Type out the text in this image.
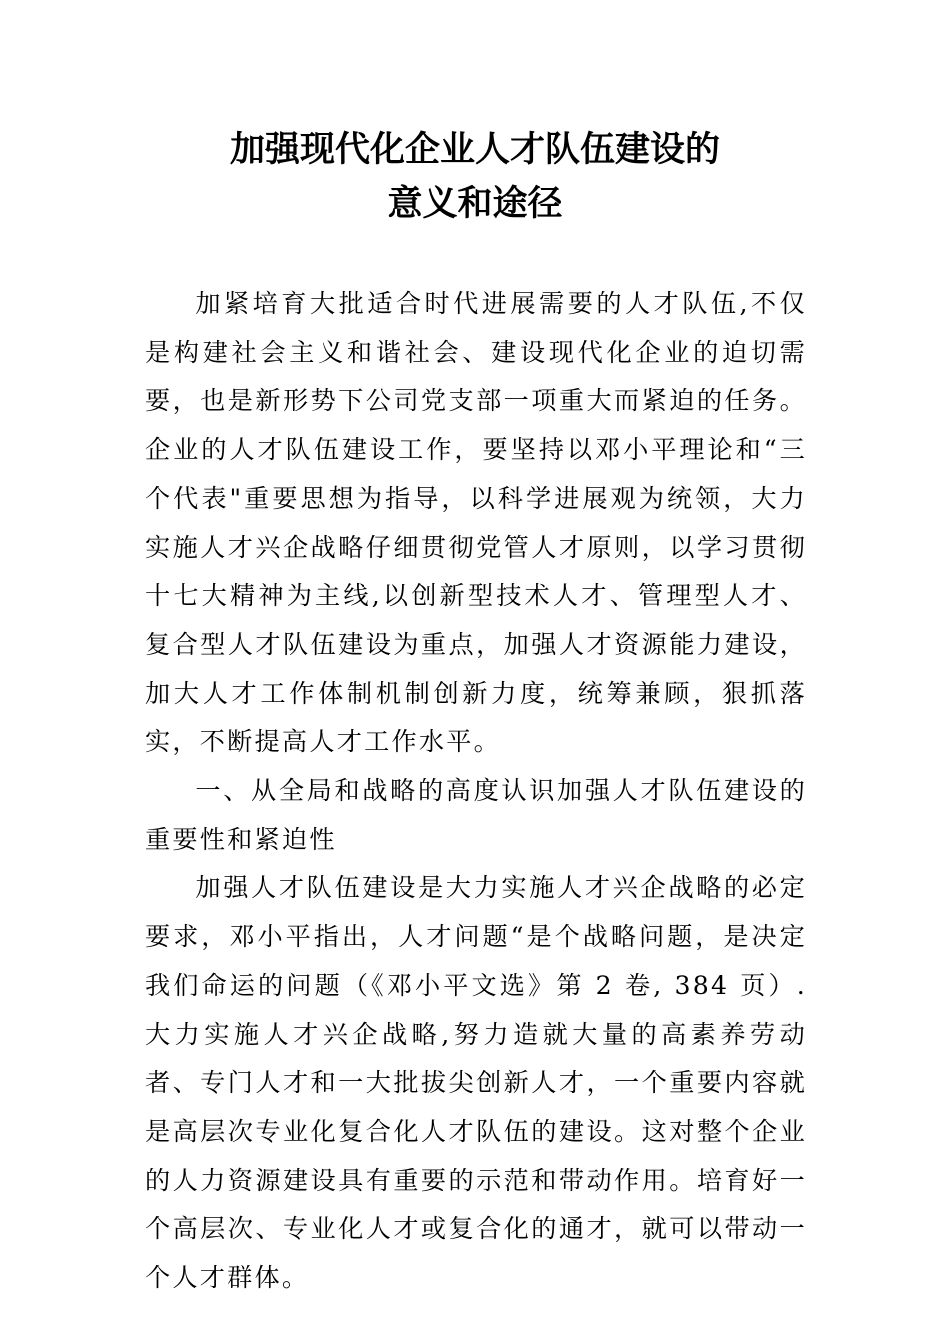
加强现代化企业人才队伍建设的
意义和途径

加紧培育大批适合时代进展需要的人才队伍,不仅是构建社会主义和谐社会、建设现代化企业的迫切需要，也是新形势下公司党支部一项重大而紧迫的任务。企业的人才队伍建设工作，要坚持以邓小平理论和“三个代表"重要思想为指导，以科学进展观为统领，大力实施人才兴企战略仔细贯彻党管人才原则，以学习贯彻十七大精神为主线,以创新型技术人才、管理型人才、复合型人才队伍建设为重点，加强人才资源能力建设，加大人才工作体制机制创新力度，统筹兼顾，狠抓落实，不断提高人才工作水平。

一、从全局和战略的高度认识加强人才队伍建设的重要性和紧迫性

加强人才队伍建设是大力实施人才兴企战略的必定要求，邓小平指出，人才问题“是个战略问题，是决定我们命运的问题（《邓小平文选》第 2 卷, 384 页）. 大力实施人才兴企战略,努力造就大量的高素养劳动者、专门人才和一大批拔尖创新人才，一个重要内容就是高层次专业化复合化人才队伍的建设。这对整个企业的人力资源建设具有重要的示范和带动作用。培育好一个高层次、专业化人才或复合化的通才，就可以带动一个人才群体。
